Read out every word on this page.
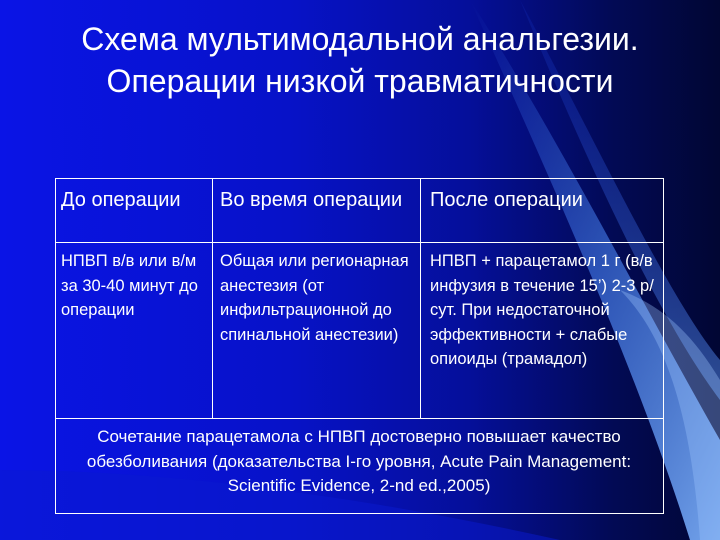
Схема мультимодальной анальгезии. Операции низкой травматичности
До операции	Во время операции	После операции
НПВП в/в или в/м за 30-40 минут до операции
Общая или регионарная анестезия (от инфильтрационной до спинальной анестезии)
НПВП + парацетамол 1 г (в/в инфузия в течение 15’) 2-3 р/сут. При недостаточной эффективности + слабые опиоиды (трамадол)
Сочетание парацетамола с НПВП достоверно повышает качество обезболивания (доказательства I-го уровня, Acute Pain Management: Scientific Evidence, 2-nd ed.,2005)
